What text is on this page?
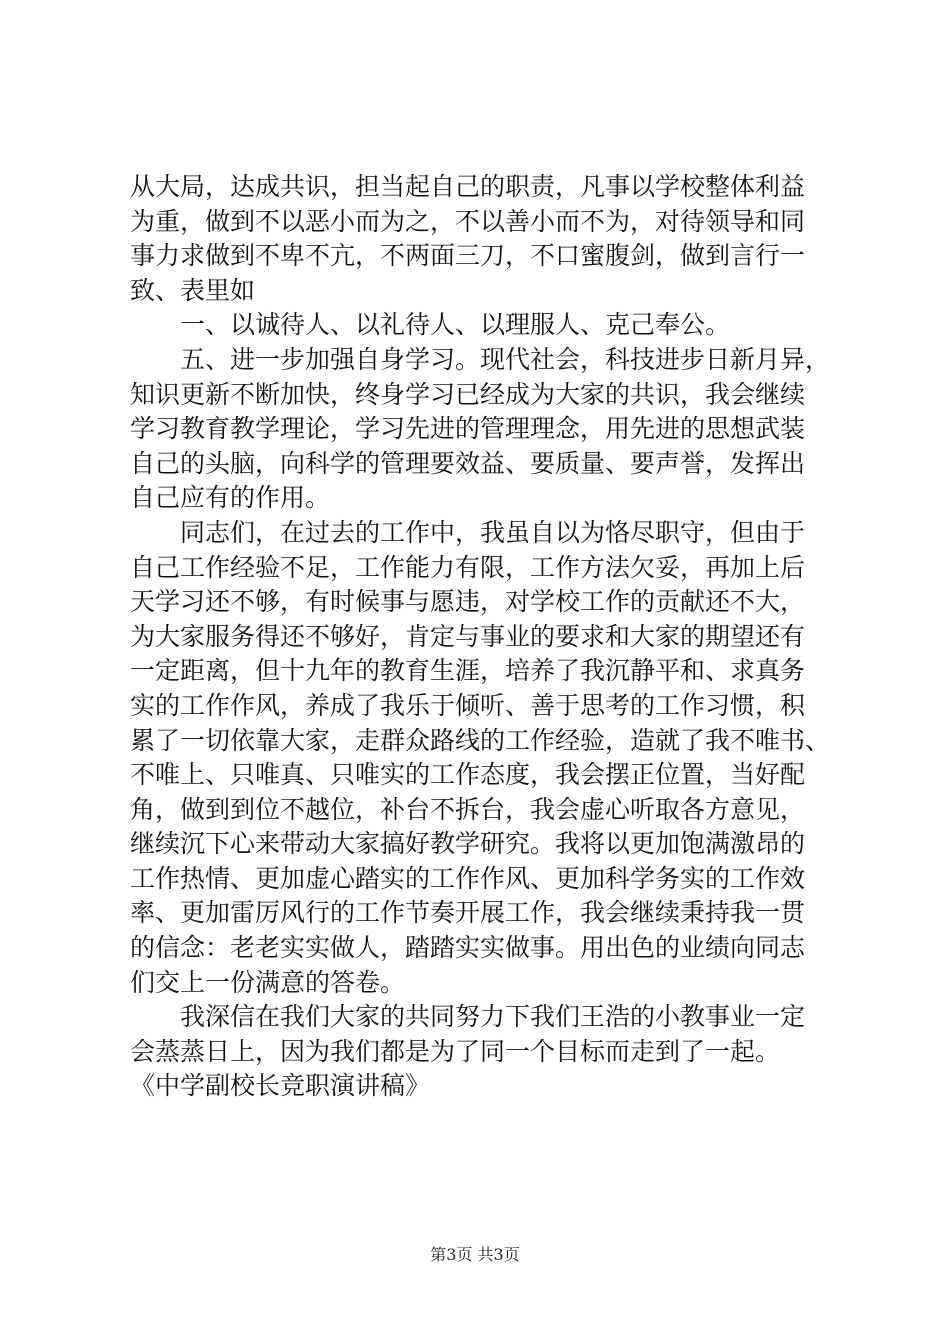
从大局，达成共识，担当起自己的职责，凡事以学校整体利益
为重，做到不以恶小而为之，不以善小而不为，对待领导和同
事力求做到不卑不亢，不两面三刀，不口蜜腹剑，做到言行一
致、表里如
一、以诚待人、以礼待人、以理服人、克己奉公。
五、进一步加强自身学习。现代社会，科技进步日新月异，
知识更新不断加快，终身学习已经成为大家的共识，我会继续
学习教育教学理论，学习先进的管理理念，用先进的思想武装
自己的头脑，向科学的管理要效益、要质量、要声誉，发挥出
自己应有的作用。
同志们，在过去的工作中，我虽自以为恪尽职守，但由于
自己工作经验不足，工作能力有限，工作方法欠妥，再加上后
天学习还不够，有时候事与愿违，对学校工作的贡献还不大，
为大家服务得还不够好，肯定与事业的要求和大家的期望还有
一定距离，但十九年的教育生涯，培养了我沉静平和、求真务
实的工作作风，养成了我乐于倾听、善于思考的工作习惯，积
累了一切依靠大家，走群众路线的工作经验，造就了我不唯书、
不唯上、只唯真、只唯实的工作态度，我会摆正位置，当好配
角，做到到位不越位，补台不拆台，我会虚心听取各方意见，
继续沉下心来带动大家搞好教学研究。我将以更加饱满激昂的
工作热情、更加虚心踏实的工作作风、更加科学务实的工作效
率、更加雷厉风行的工作节奏开展工作，我会继续秉持我一贯
的信念：老老实实做人，踏踏实实做事。用出色的业绩向同志
们交上一份满意的答卷。
我深信在我们大家的共同努力下我们王浩的小教事业一定
会蒸蒸日上，因为我们都是为了同一个目标而走到了一起。
《中学副校长竞职演讲稿》
第3页 共3页
